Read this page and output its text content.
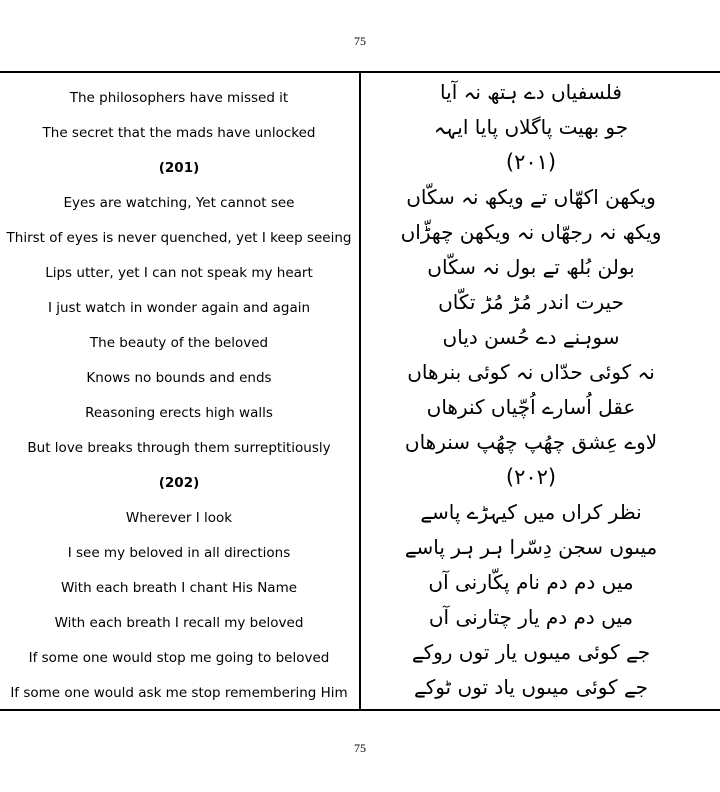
75
The philosophers have missed it
The secret that the mads have unlocked
(201)
Eyes are watching, Yet cannot see
Thirst of eyes is never quenched, yet I keep seeing
Lips utter, yet I can not speak my heart
I just watch in wonder again and again
The beauty of the beloved
Knows no bounds and ends
Reasoning erects high walls
But love breaks through them surreptitiously
(202)
Wherever I look
I see my beloved in all directions
With each breath I chant His Name
With each breath I recall my beloved
If some one would stop me going to beloved
If some one would ask me stop remembering Him
فلسفیاں دے ہتھ نہ آیا
جو بھیت پاگلاں پایا ایہہ
(۲۰۱)
ویکھن اکھّاں تے ویکھ نہ سکّاں
ویکھ نہ رجھّاں نہ ویکھن چھڑّاں
بولن بُلھ تے بول نہ سکّاں
حیرت اندر مُڑ مُڑ تکّاں
سوہنے دے حُسن دیاں
نہ کوئی حدّاں نہ کوئی بنرھاں
عقل اُسارے اُچّیاں کنرھاں
لاوے عِشق چھُپ چھُپ سنرھاں
(۲۰۲)
نظر کراں میں کیہڑے پاسے
میںوں سجن دِسّرا ہر ہر پاسے
میں دم دم نام پکّارنی آں
میں دم دم یار چتارنی آں
جے کوئی میںوں یار توں روکے
جے کوئی میںوں یاد توں ٹوکے
75
